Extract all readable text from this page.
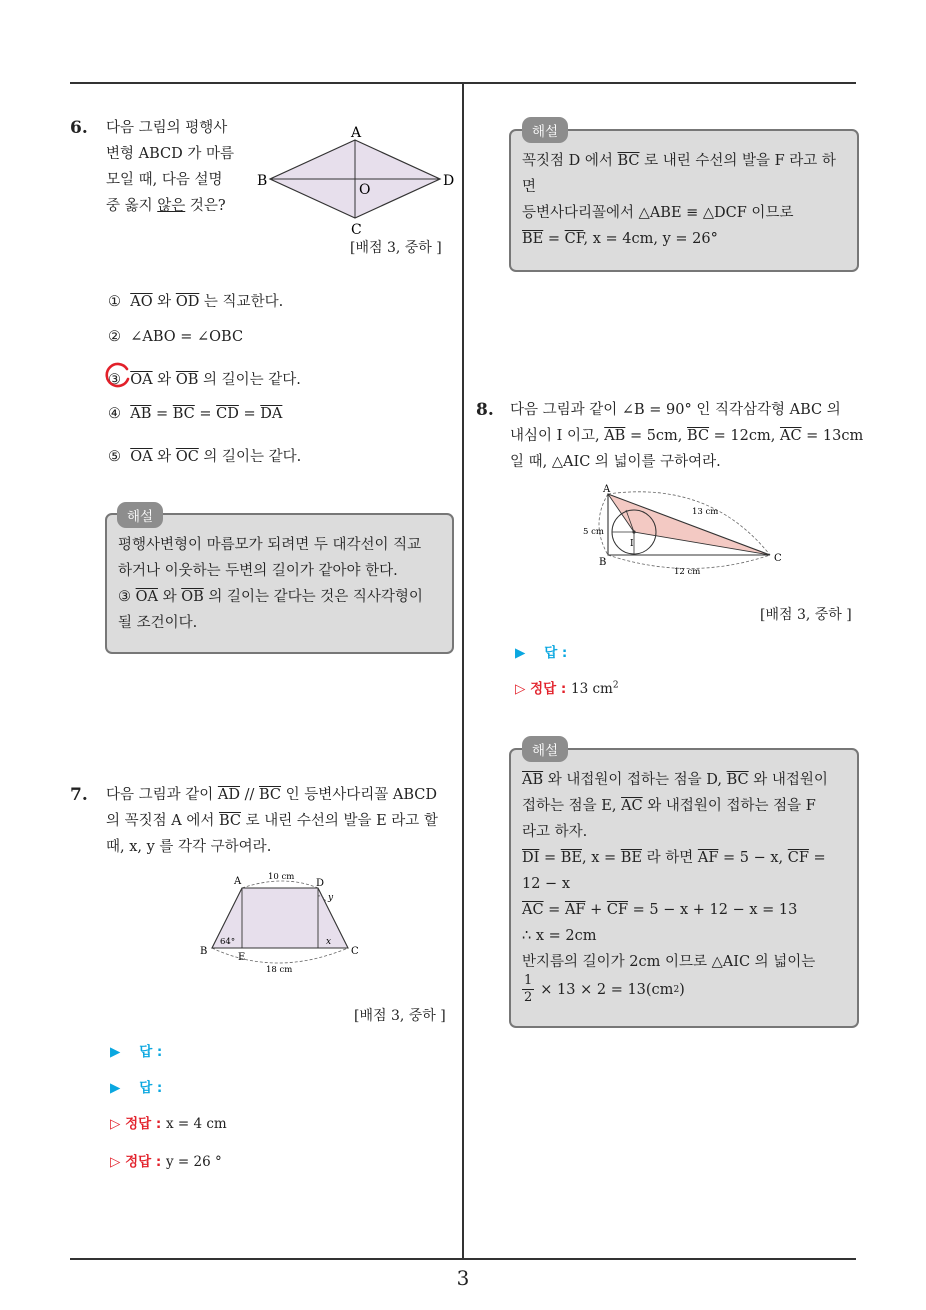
3
6. 다음 그림의 평행사
변형 ABCD 가 마름
모일 때, 다음 설명
중 옳지 않은 것은?
A
B
C
D
O
[배점 3, 중하 ]
① $\overline{AO}$ 와 $\overline{OD}$ 는 직교한다.
② ∠ABO = ∠OBC
③ $\overline{OA}$ 와 $\overline{OB}$ 의 길이는 같다.
④ $\overline{AB} = \overline{BC} = \overline{CD} = \overline{DA}$
⑤ $\overline{OA}$ 와 $\overline{OC}$ 의 길이는 같다.
해설
평행사변형이 마름모가 되려면 두 대각선이 직교
하거나 이웃하는 두변의 길이가 같아야 한다.
③ $\overline{OA}$ 와 $\overline{OB}$ 의 길이는 같다는 것은 직사각형이
될 조건이다.
7. 다음 그림과 같이 $\overline{AD} // \overline{BC}$ 인 등변사다리꼴 ABCD
의 꼭짓점 A 에서 $\overline{BC}$ 로 내린 수선의 발을 E 라고 할
때, x, y 를 각각 구하여라.
A	D
B	C
E
10 cm
18 cm
64°	x
y
[배점 3, 중하 ]
▶    답 :
▶    답 :
▷ 정답 : x = 4 cm
▷ 정답 : y = 26 °
해설
꼭짓점 D 에서 $\overline{BC}$ 로 내린 수선의 발을 F 라고 하
면
등변사다리꼴에서 △ABE ≡ △DCF 이므로
$\overline{BE} = \overline{CF}$, x = 4cm, y = 26°
8. 다음 그림과 같이 ∠B = 90° 인 직각삼각형 ABC 의
내심이 I 이고, $\overline{AB} = 5cm$, $\overline{BC} = 12cm$, $\overline{AC} = 13cm$
일 때, △AIC 의 넓이를 구하여라.
A
B	C
I
5 cm
13 cm
12 cm
[배점 3, 중하 ]
▶    답 :
▷ 정답 : 13 $cm^2$
해설
$\overline{AB}$ 와 내접원이 접하는 점을 D, $\overline{BC}$ 와 내접원이
접하는 점을 E, $\overline{AC}$ 와 내접원이 접하는 점을 F
라고 하자.
$\overline{DI} = \overline{BE}$, $x = \overline{BE}$ 라 하면 $\overline{AF} = 5 - x$, $\overline{CF}$ =
12 − x
$\overline{AC} = \overline{AF} + \overline{CF} = 5 - x + 12 - x = 13$
∴ x = 2cm
반지름의 길이가 2cm 이므로 △AIC 의 넓이는
$\frac{1}{2} \times 13 \times 2 = 13(cm$ 2 )
